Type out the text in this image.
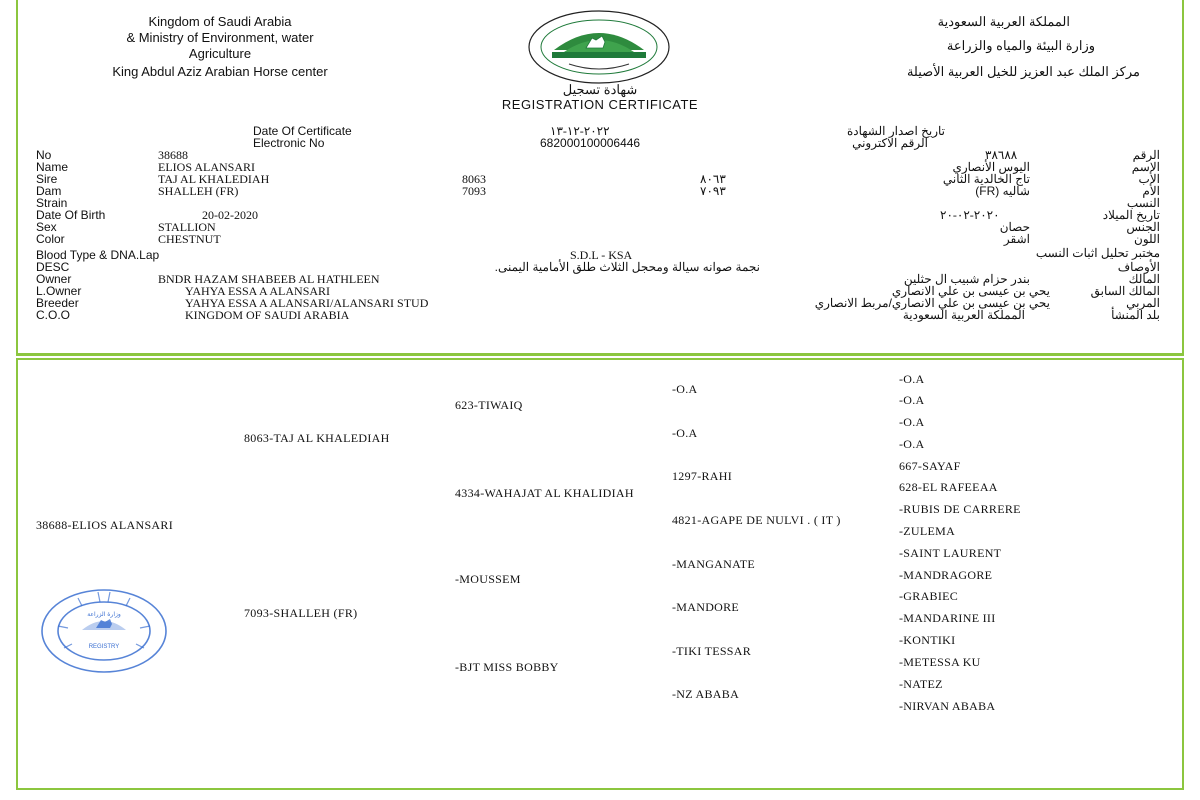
Kingdom of Saudi Arabia
& Ministry of Environment, water
Agriculture
King Abdul Aziz Arabian Horse center
المملكة العربية السعودية
وزارة البيئة والمياه والزراعة
مركز الملك عبد العزيز للخيل العربية الأصيلة
شهادة تسجيل
REGISTRATION CERTIFICATE
Date Of Certificate	٢٠٢٢-١٢-١٣	تاريخ اصدار الشهادة
Electronic No	682000100006446	الرقم الاكتروني
No	38688	٣٨٦٨٨	الرقم
Name	ELIOS ALANSARI	اليوس الأنصاري	الاسم
Sire	TAJ AL KHALEDIAH	8063	٨٠٦٣	تاج الخالدية الثاني	الأب
Dam	SHALLEH (FR)	7093	٧٠٩٣	شاليه (FR)	الأم
Strain	النسب
Date Of Birth	20-02-2020	٢٠٢٠-٠٢-٢٠	تاريخ الميلاد
Sex	STALLION	حصان	الجنس
Color	CHESTNUT	اشقر	اللون
Blood Type & DNA.Lap	S.D.L - KSA	مختبر تحليل اثبات النسب
DESC	نجمة صوانه سيالة ومحجل الثلاث طلق الأمامية اليمنى.	الأوصاف
Owner	BNDR HAZAM SHABEEB AL HATHLEEN	بندر حزام شبيب ال حثلين	المالك
L.Owner	YAHYA ESSA A ALANSARI	يحي بن عيسى بن علي الانصاري	المالك السابق
Breeder	YAHYA ESSA A ALANSARI/ALANSARI STUD	يحي بن عيسى بن علي الانصاري/مربط الانصاري	المربي
C.O.O	KINGDOM OF SAUDI ARABIA	المملكة العربية السعودية	بلد المنشأ
38688-ELIOS ALANSARI
8063-TAJ AL KHALEDIAH
7093-SHALLEH (FR)
623-TIWAIQ
4334-WAHAJAT AL KHALIDIAH
-MOUSSEM
-BJT MISS BOBBY
-O.A
-O.A
1297-RAHI
4821-AGAPE DE NULVI . ( IT )
-MANGANATE
-MANDORE
-TIKI TESSAR
-NZ ABABA
-O.A
-O.A
-O.A
-O.A
667-SAYAF
628-EL RAFEEAA
-RUBIS DE CARRERE
-ZULEMA
-SAINT LAURENT
-MANDRAGORE
-GRABIEC
-MANDARINE III
-KONTIKI
-METESSA KU
-NATEZ
-NIRVAN ABABA
REGISTRY
وزارة الزراعة
